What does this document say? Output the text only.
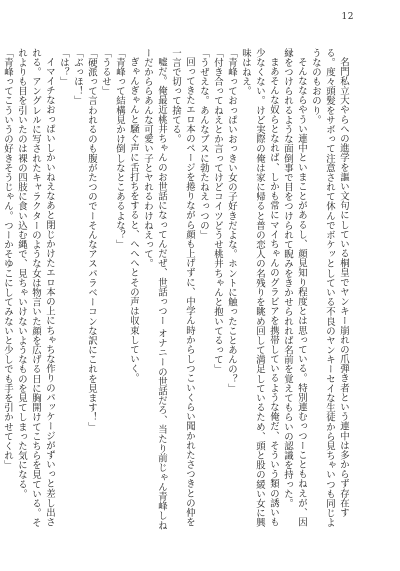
12

名門私立大やらへの進学を謳い文句にしている桐皇でヤンキー崩れの爪弾き者という連中は多からず存在する。度々頭髪をサボって注意されて休んでボケッとしている不良のヤンキーセイな生徒から見ちゃいつも同じようなのもおのり。

そんなならやうい連中といまことがあるし、顔見知り程度とは思っている。特別連むっつーこともねえが、因縁をつけられるような面倒事で目をつけられて睨みをきかせられれば名前を覚えてもらいの認識を持った。

まあそんな奴らとなれば、しかも常にマイちゃんのグラビアを携帯しているような俺だ、そういう類の誘いも少なくない。けど実際の俺は家に帰ると普の恋人の名残りを眺め回して満足しているため、頭と股の緩い女に興味はねえ。

「青峰っておっぱいおっきい女の子好きだよな。ホントに触ったことあんの？」

「付き合ってねえとか言ってけどコイツどうせ桃井ちゃんと抱いてるって」

「うぜえな。あんなブスに勃たねえっつの」

回ってきたエロ本のページを捲りながら顔も上げずに、中学ん時からしつこいくらい聞かれたさつきとの仲を一言で切って捨てる。

嘘だ。俺最近桃井ちゃんのお世話になってんだぜ、世話っつー オナニーの世話だろ、当たり前じゃん青峰しねーだかららあんな可愛い子とヤれるわけねえって。

ぎゃんぎゃんと騒ぐ声に舌打ちをすると、へへへとその声は収束していく。

「青峰って結構見かけ倒しなとこあるよな？」

「うるせ」

「硬派って言われるのも腹がたつのでーそんなアスパラベーコンな訳にこれを見ます！」

「ぶっほ！」

「は？」

イマイチなおっぱいしかいねえなあと閉じかけたエロ本の上にちゃちな作りのパッケージがずいっと差し出される。アングレルに写されたキャラクターのような女は物言いた顔を広げる日に胸開けてこちらを見ている。それよりも目を引いたのは裸の四肢に食い込む縄で、見ちゃいけないようなものを見てしまった気になる。

「青峰ってこういうの好きそうじゃん。つーかそゆこにしてみないと少しでも手を引かせてくれ」
